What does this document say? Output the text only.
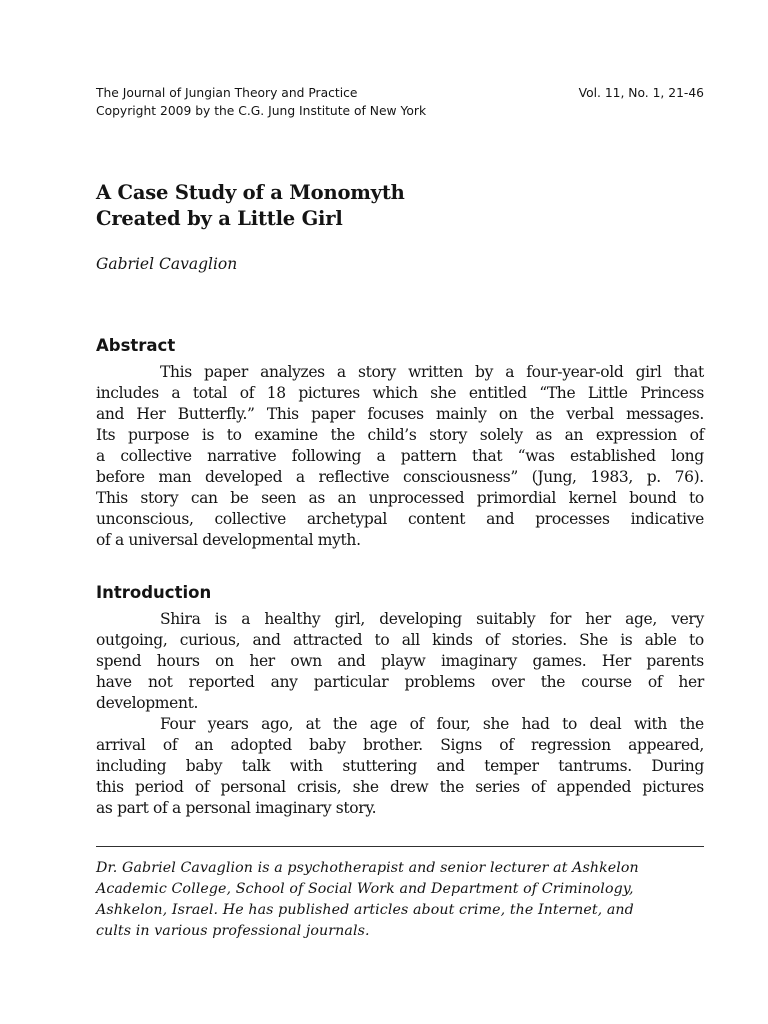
The Journal of Jungian Theory and Practice	Vol. 11, No. 1, 21-46
Copyright 2009 by the C.G. Jung Institute of New York
A Case Study of a Monomyth
Created by a Little Girl
Gabriel Cavaglion
Abstract
This paper analyzes a story written by a four-year-old girl that
includes a total of 18 pictures which she entitled “The Little Princess
and Her Butterfly.” This paper focuses mainly on the verbal messages.
Its purpose is to examine the child’s story solely as an expression of
a collective narrative following a pattern that “was established long
before man developed a reflective consciousness” (Jung, 1983, p. 76).
This story can be seen as an unprocessed primordial kernel bound to
unconscious, collective archetypal content and processes indicative
of a universal developmental myth.
Introduction
Shira is a healthy girl, developing suitably for her age, very
outgoing, curious, and attracted to all kinds of stories. She is able to
spend hours on her own and playw imaginary games. Her parents
have not reported any particular problems over the course of her
development.
Four years ago, at the age of four, she had to deal with the
arrival of an adopted baby brother. Signs of regression appeared,
including baby talk with stuttering and temper tantrums. During
this period of personal crisis, she drew the series of appended pictures
as part of a personal imaginary story.
Dr. Gabriel Cavaglion is a psychotherapist and senior lecturer at Ashkelon
Academic College, School of Social Work and Department of Criminology,
Ashkelon, Israel. He has published articles about crime, the Internet, and
cults in various professional journals.
